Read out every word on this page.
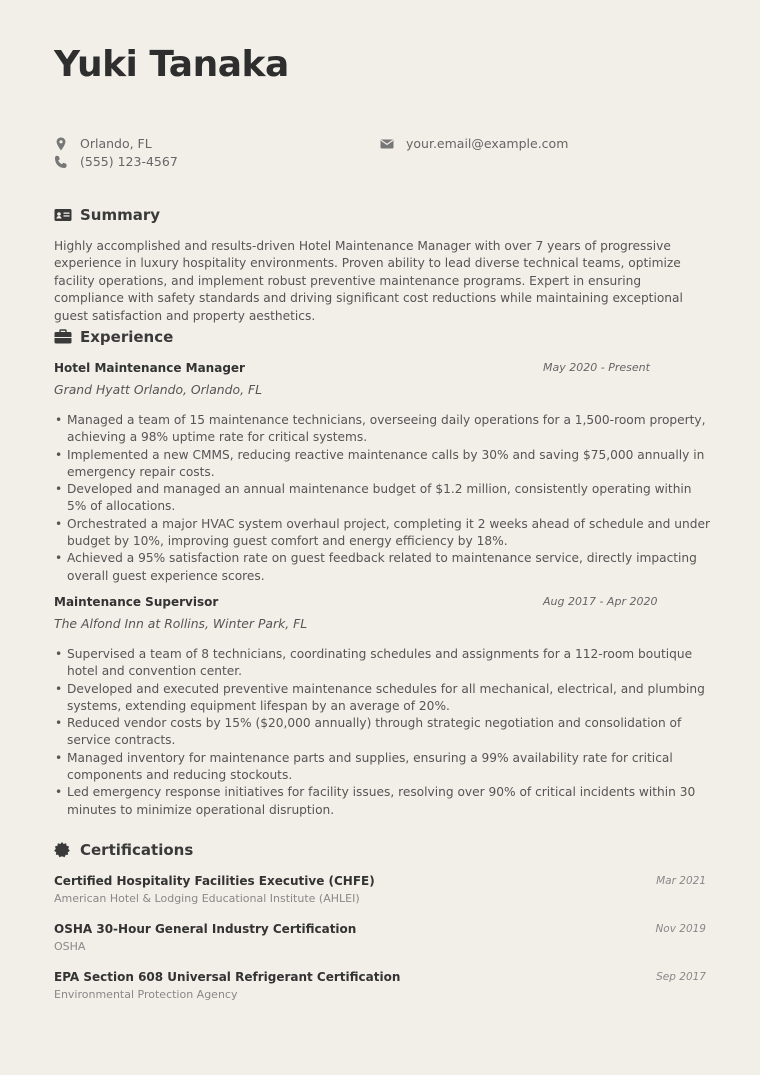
Yuki Tanaka
Orlando, FL
(555) 123-4567
your.email@example.com
Summary

Highly accomplished and results-driven Hotel Maintenance Manager with over 7 years of progressive experience in luxury hospitality environments. Proven ability to lead diverse technical teams, optimize facility operations, and implement robust preventive maintenance programs. Expert in ensuring compliance with safety standards and driving significant cost reductions while maintaining exceptional guest satisfaction and property aesthetics.

Experience
Hotel Maintenance Manager	May 2020 - Present
Grand Hyatt Orlando, Orlando, FL
• Managed a team of 15 maintenance technicians, overseeing daily operations for a 1,500-room property, achieving a 98% uptime rate for critical systems.
• Implemented a new CMMS, reducing reactive maintenance calls by 30% and saving $75,000 annually in emergency repair costs.
• Developed and managed an annual maintenance budget of $1.2 million, consistently operating within 5% of allocations.
• Orchestrated a major HVAC system overhaul project, completing it 2 weeks ahead of schedule and under budget by 10%, improving guest comfort and energy efficiency by 18%.
• Achieved a 95% satisfaction rate on guest feedback related to maintenance service, directly impacting overall guest experience scores.
Maintenance Supervisor	Aug 2017 - Apr 2020
The Alfond Inn at Rollins, Winter Park, FL
• Supervised a team of 8 technicians, coordinating schedules and assignments for a 112-room boutique hotel and convention center.
• Developed and executed preventive maintenance schedules for all mechanical, electrical, and plumbing systems, extending equipment lifespan by an average of 20%.
• Reduced vendor costs by 15% ($20,000 annually) through strategic negotiation and consolidation of service contracts.
• Managed inventory for maintenance parts and supplies, ensuring a 99% availability rate for critical components and reducing stockouts.
• Led emergency response initiatives for facility issues, resolving over 90% of critical incidents within 30 minutes to minimize operational disruption.
Certifications
Certified Hospitality Facilities Executive (CHFE)	Mar 2021
American Hotel & Lodging Educational Institute (AHLEI)
OSHA 30-Hour General Industry Certification	Nov 2019
OSHA
EPA Section 608 Universal Refrigerant Certification	Sep 2017
Environmental Protection Agency
